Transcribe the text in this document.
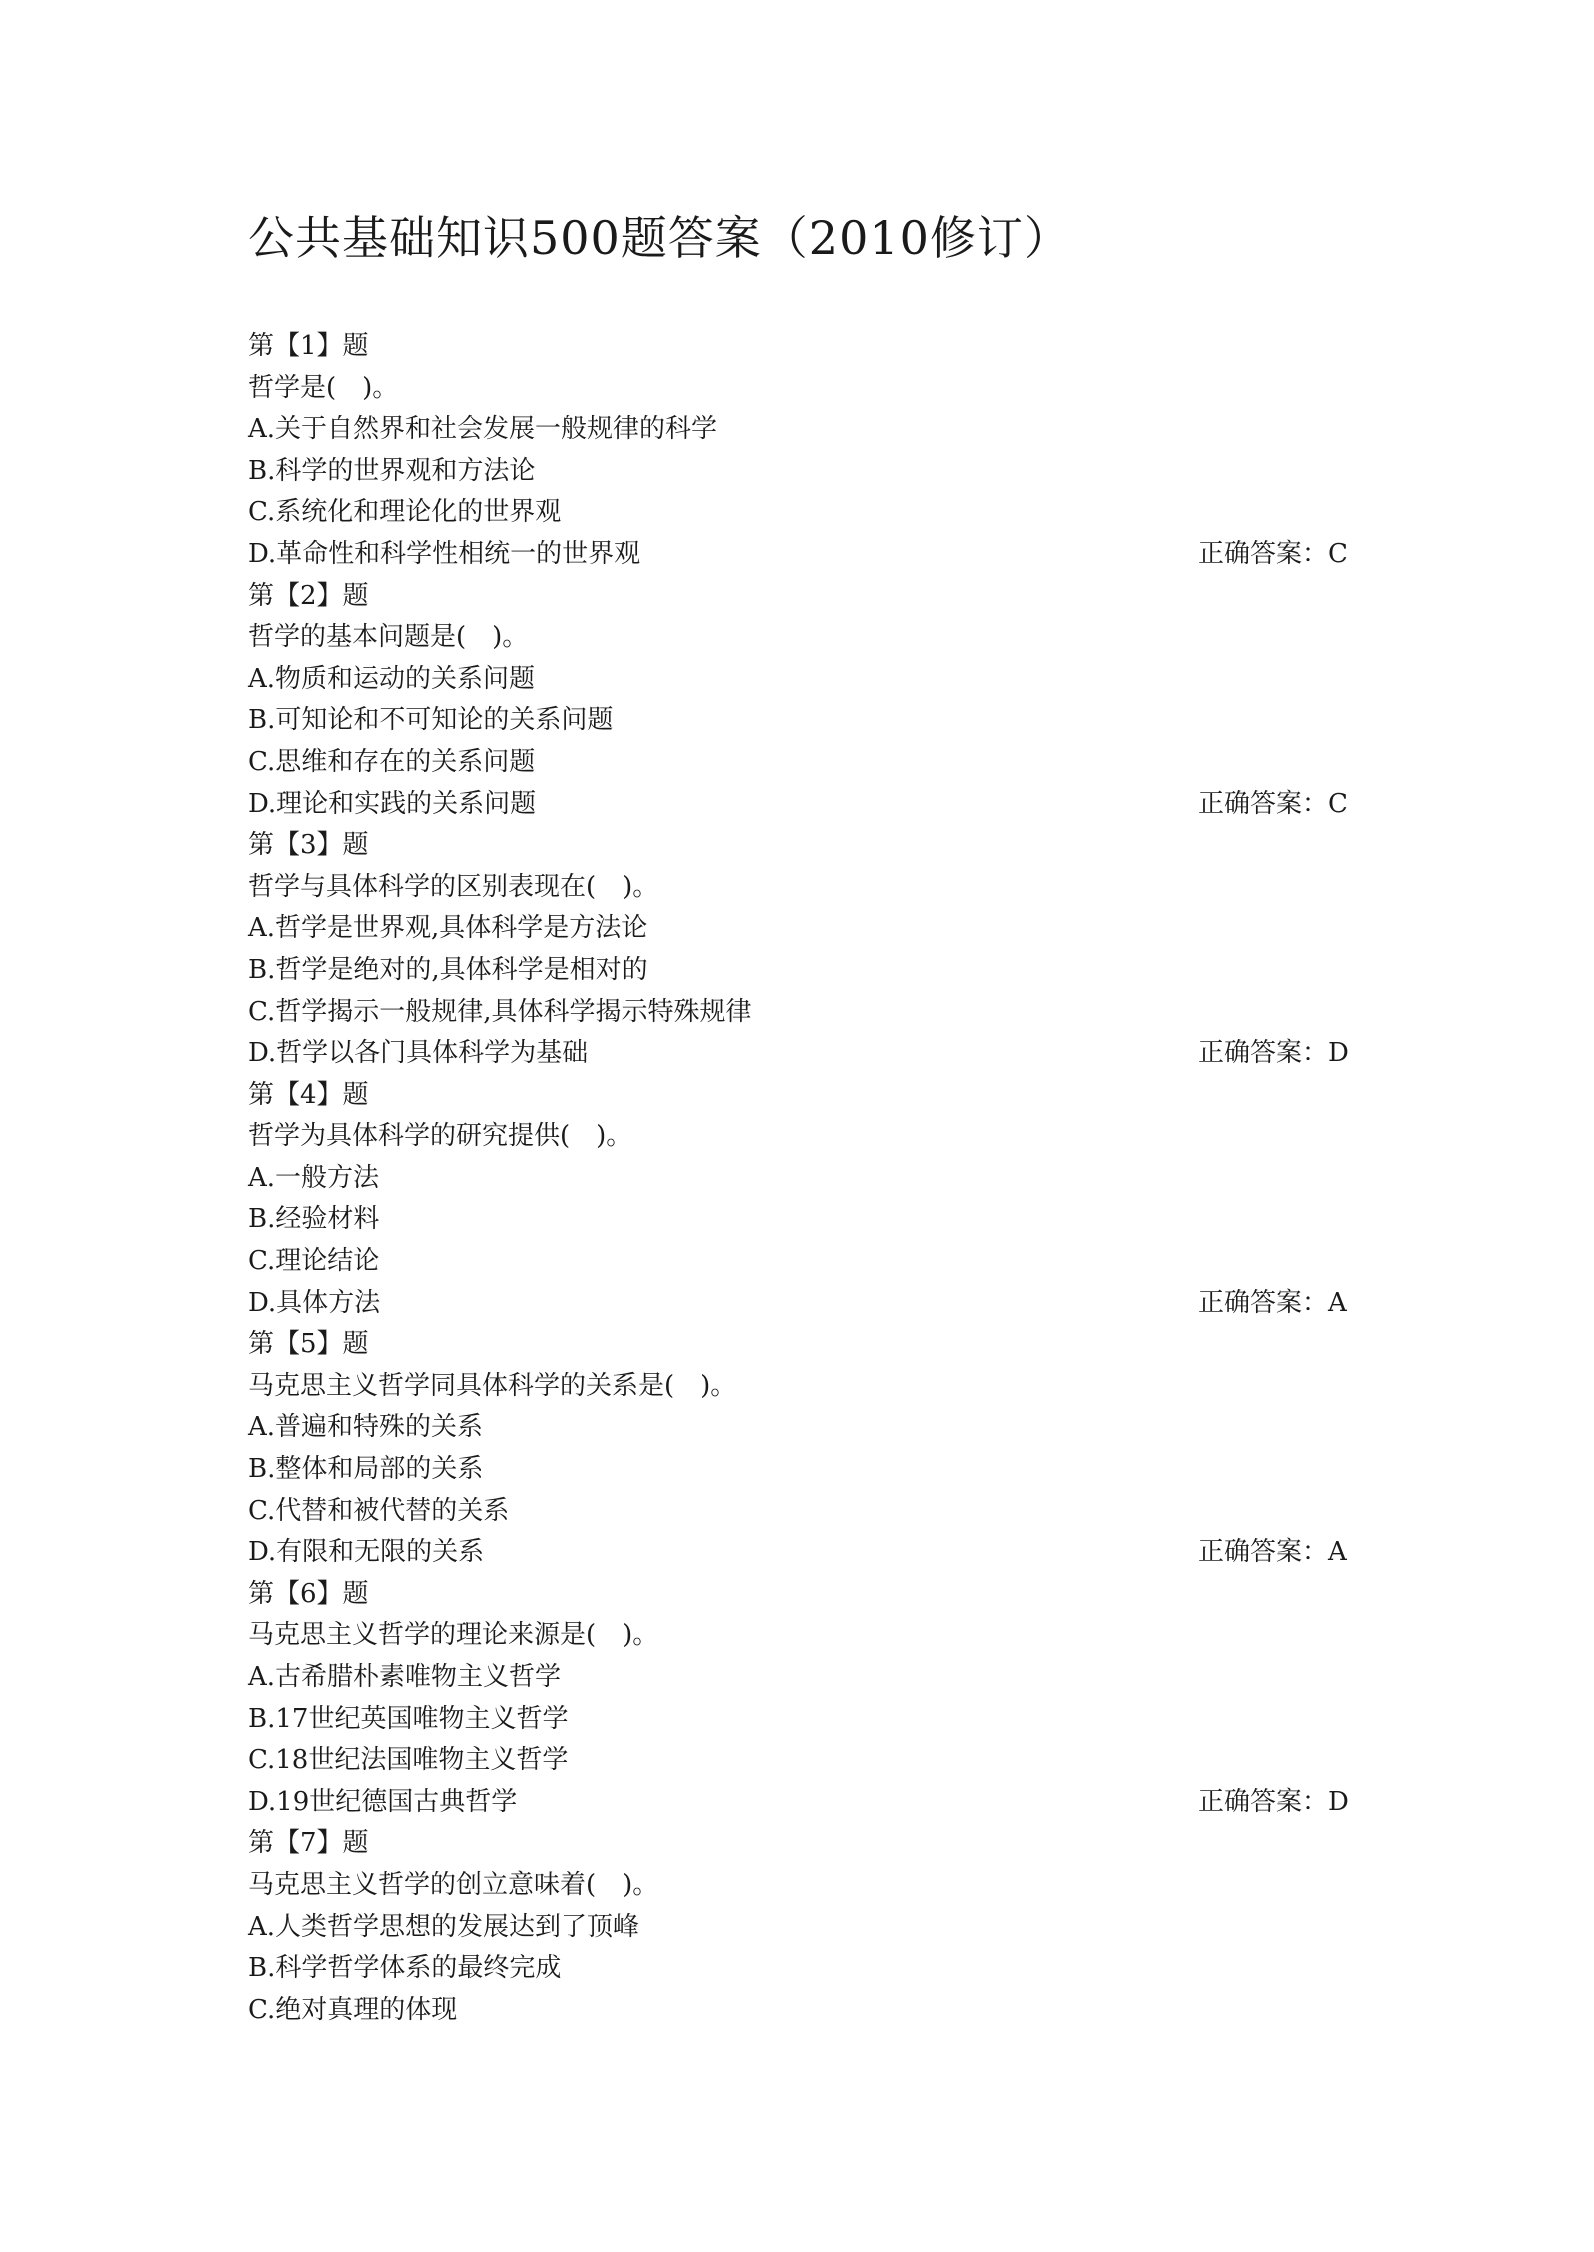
公共基础知识500题答案（2010修订）
第【1】题
哲学是(　)。
A.关于自然界和社会发展一般规律的科学
B.科学的世界观和方法论
C.系统化和理论化的世界观
D.革命性和科学性相统一的世界观	正确答案：C
第【2】题
哲学的基本问题是(　)。
A.物质和运动的关系问题
B.可知论和不可知论的关系问题
C.思维和存在的关系问题
D.理论和实践的关系问题	正确答案：C
第【3】题
哲学与具体科学的区别表现在(　)。
A.哲学是世界观,具体科学是方法论
B.哲学是绝对的,具体科学是相对的
C.哲学揭示一般规律,具体科学揭示特殊规律
D.哲学以各门具体科学为基础	正确答案：D
第【4】题
哲学为具体科学的研究提供(　)。
A.一般方法
B.经验材料
C.理论结论
D.具体方法	正确答案：A
第【5】题
马克思主义哲学同具体科学的关系是(　)。
A.普遍和特殊的关系
B.整体和局部的关系
C.代替和被代替的关系
D.有限和无限的关系	正确答案：A
第【6】题
马克思主义哲学的理论来源是(　)。
A.古希腊朴素唯物主义哲学
B.17世纪英国唯物主义哲学
C.18世纪法国唯物主义哲学
D.19世纪德国古典哲学	正确答案：D
第【7】题
马克思主义哲学的创立意味着(　)。
A.人类哲学思想的发展达到了顶峰
B.科学哲学体系的最终完成
C.绝对真理的体现
